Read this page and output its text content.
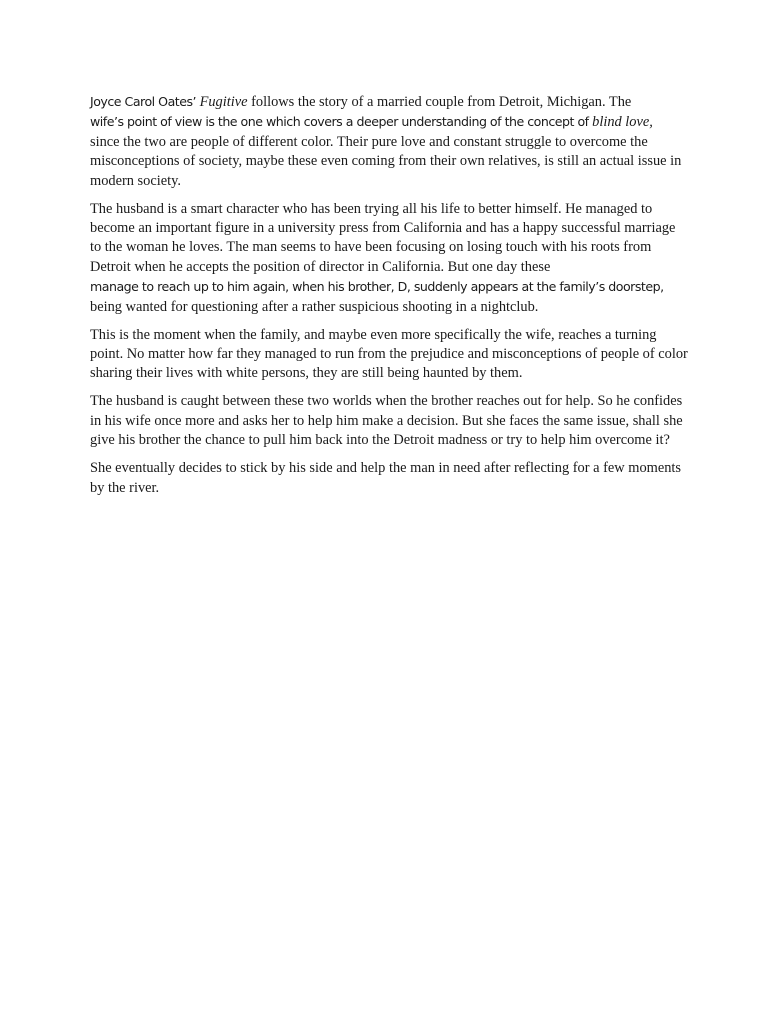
Joyce Carol Oates’ Fugitive follows the story of a married couple from Detroit, Michigan. The
wife’s point of view is the one which covers a deeper understanding of the concept of blind love,
since the two are people of different color. Their pure love and constant struggle to overcome the misconceptions of society, maybe these even coming from their own relatives, is still an actual issue in modern society.

The husband is a smart character who has been trying all his life to better himself. He managed to become an important figure in a university press from California and has a happy successful marriage to the woman he loves. The man seems to have been focusing on losing touch with his roots from Detroit when he accepts the position of director in California. But one day these
manage to reach up to him again, when his brother, D, suddenly appears at the family’s doorstep,
being wanted for questioning after a rather suspicious shooting in a nightclub.

This is the moment when the family, and maybe even more specifically the wife, reaches a turning point. No matter how far they managed to run from the prejudice and misconceptions of people of color sharing their lives with white persons, they are still being haunted by them.

The husband is caught between these two worlds when the brother reaches out for help. So he confides in his wife once more and asks her to help him make a decision. But she faces the same issue, shall she give his brother the chance to pull him back into the Detroit madness or try to help him overcome it?

She eventually decides to stick by his side and help the man in need after reflecting for a few moments by the river.
